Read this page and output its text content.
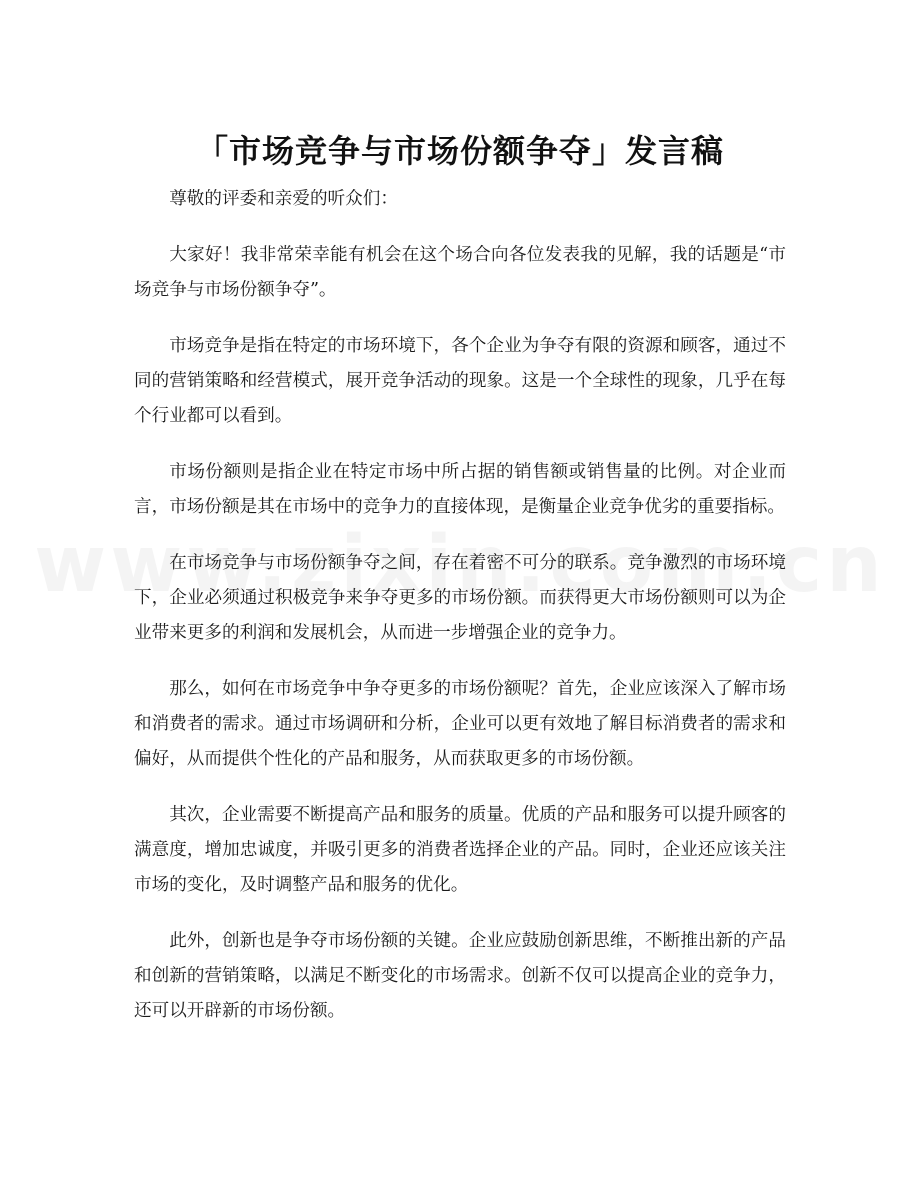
「市场竞争与市场份额争夺」发言稿

尊敬的评委和亲爱的听众们：

大家好！我非常荣幸能有机会在这个场合向各位发表我的见解，我的话题是“市场竞争与市场份额争夺”。

市场竞争是指在特定的市场环境下，各个企业为争夺有限的资源和顾客，通过不同的营销策略和经营模式，展开竞争活动的现象。这是一个全球性的现象，几乎在每个行业都可以看到。

市场份额则是指企业在特定市场中所占据的销售额或销售量的比例。对企业而言，市场份额是其在市场中的竞争力的直接体现，是衡量企业竞争优劣的重要指标。

在市场竞争与市场份额争夺之间，存在着密不可分的联系。竞争激烈的市场环境下，企业必须通过积极竞争来争夺更多的市场份额。而获得更大市场份额则可以为企业带来更多的利润和发展机会，从而进一步增强企业的竞争力。

那么，如何在市场竞争中争夺更多的市场份额呢？首先，企业应该深入了解市场和消费者的需求。通过市场调研和分析，企业可以更有效地了解目标消费者的需求和偏好，从而提供个性化的产品和服务，从而获取更多的市场份额。

其次，企业需要不断提高产品和服务的质量。优质的产品和服务可以提升顾客的满意度，增加忠诚度，并吸引更多的消费者选择企业的产品。同时，企业还应该关注市场的变化，及时调整产品和服务的优化。

此外，创新也是争夺市场份额的关键。企业应鼓励创新思维，不断推出新的产品和创新的营销策略，以满足不断变化的市场需求。创新不仅可以提高企业的竞争力，还可以开辟新的市场份额。
